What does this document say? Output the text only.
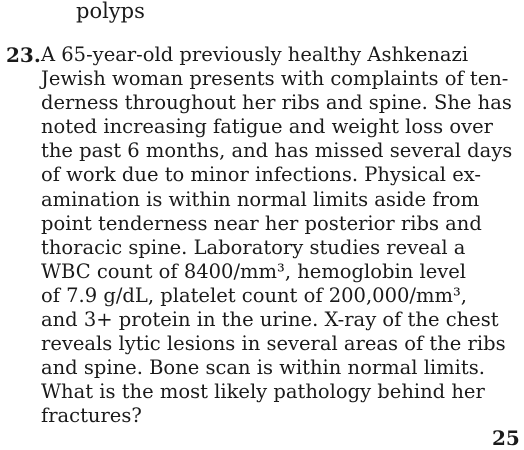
polyps

23. A 65-year-old previously healthy Ashkenazi
Jewish woman presents with complaints of ten-
derness throughout her ribs and spine. She has
noted increasing fatigue and weight loss over
the past 6 months, and has missed several days
of work due to minor infections. Physical ex-
amination is within normal limits aside from
point tenderness near her posterior ribs and
thoracic spine. Laboratory studies reveal a
WBC count of 8400/mm³, hemoglobin level
of 7.9 g/dL, platelet count of 200,000/mm³,
and 3+ protein in the urine. X-ray of the chest
reveals lytic lesions in several areas of the ribs
and spine. Bone scan is within normal limits.
What is the most likely pathology behind her
fractures?
25
